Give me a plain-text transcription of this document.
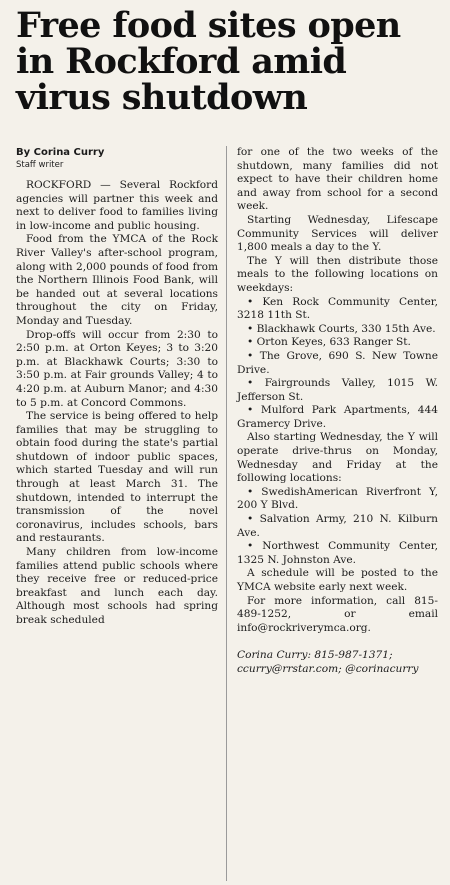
Free food sites open
in Rockford amid
virus shutdown

By Corina Curry

Staff writer

ROCKFORD — Several Rockford agencies will partner this week and next to deliver food to families living in low-income and public housing.

Food from the YMCA of the Rock River Valley's after-school program, along with 2,000 pounds of food from the Northern Illinois Food Bank, will be handed out at several locations throughout the city on Friday, Monday and Tuesday.

Drop-offs will occur from 2:30 to 2:50 p.m. at Orton Keyes; 3 to 3:20 p.m. at Blackhawk Courts; 3:30 to 3:50 p.m. at Fair grounds Valley; 4 to 4:20 p.m. at Auburn Manor; and 4:30 to 5 p.m. at Concord Commons.

The service is being offered to help families that may be struggling to obtain food during the state's partial shutdown of indoor public spaces, which started Tuesday and will run through at least March 31. The shutdown, intended to interrupt the transmission of the novel coronavirus, includes schools, bars and restaurants.

Many children from low-income families attend public schools where they receive free or reduced-price breakfast and lunch each day. Although most schools had spring break scheduled

for one of the two weeks of the shutdown, many families did not expect to have their children home and away from school for a second week.

Starting Wednesday, Lifescape Community Services will deliver 1,800 meals a day to the Y.

The Y will then distribute those meals to the following locations on weekdays:

• Ken Rock Community Center, 3218 11th St.

• Blackhawk Courts, 330 15th Ave.

• Orton Keyes, 633 Ranger St.

• The Grove, 690 S. New Towne Drive.

• Fairgrounds Valley, 1015 W. Jefferson St.

• Mulford Park Apartments, 444 Gramercy Drive.

Also starting Wednesday, the Y will operate drive-thrus on Monday, Wednesday and Friday at the following locations:

• SwedishAmerican Riverfront Y, 200 Y Blvd.

• Salvation Army, 210 N. Kilburn Ave.

• Northwest Community Center, 1325 N. Johnston Ave.

A schedule will be posted to the YMCA website early next week.

For more information, call 815-489-1252, or email info@rockriverymca.org.

Corina Curry: 815-987-1371; ccurry@rrstar.com; @corinacurry
